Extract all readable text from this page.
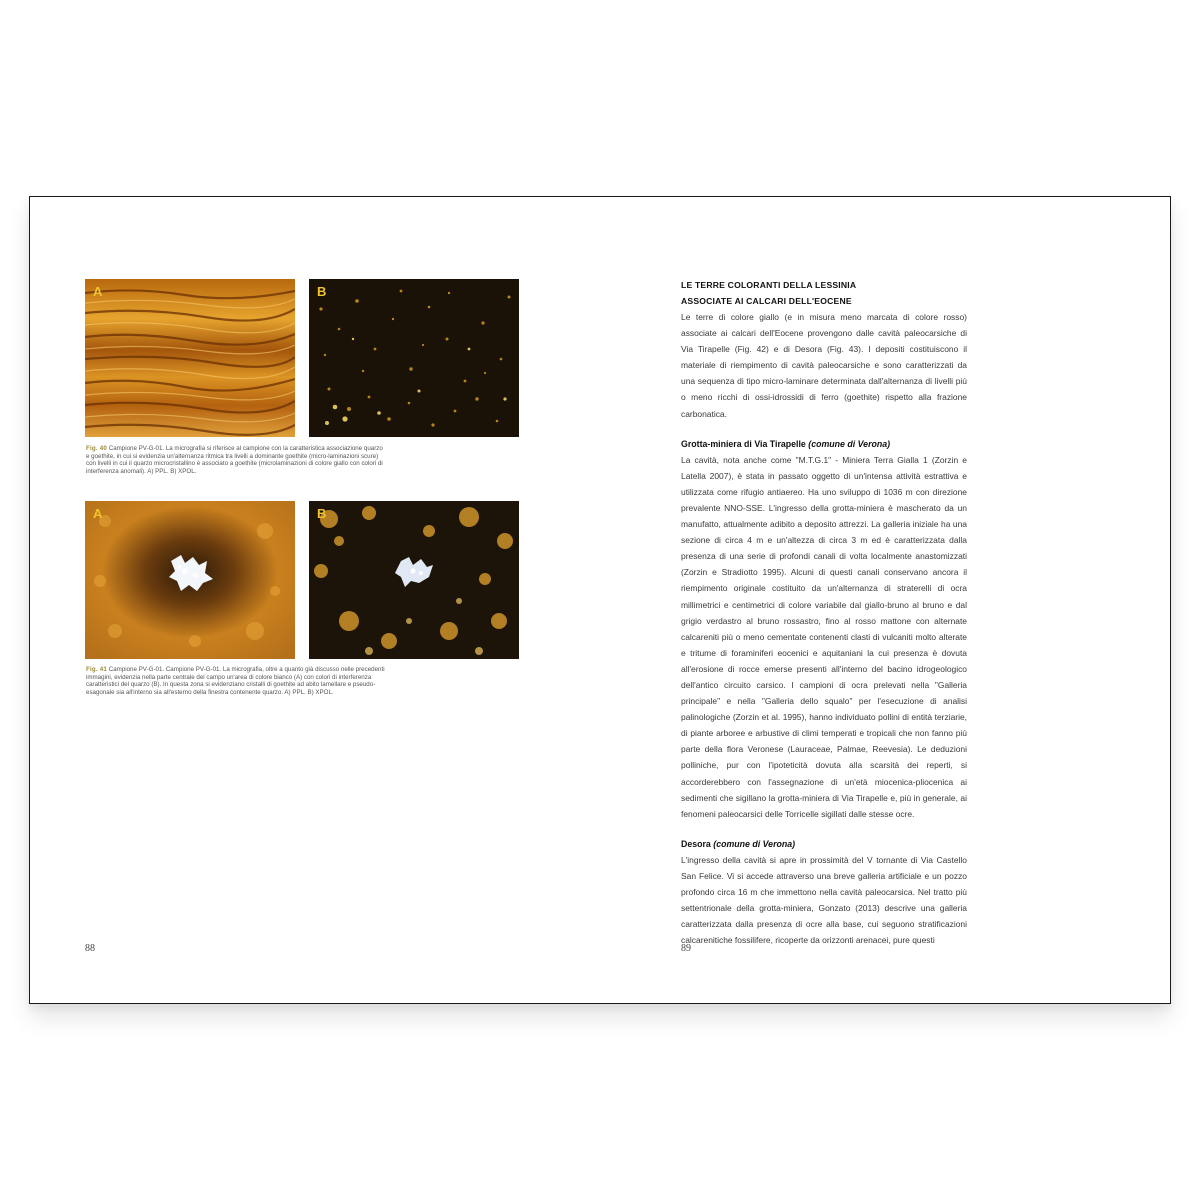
A	B
Fig. 40 Campione PV-G-01. La micrografia si riferisce al campione con la caratteristica associazione quarzo e goethite, in cui si evidenzia un'alternanza ritmica tra livelli a dominante goethite (micro-laminazioni scure) con livelli in cui il quarzo microcristallino è associato a goethite (microlaminazioni di colore giallo con colori di interferenza anomali). A) PPL. B) XPOL.
A	B
Fig. 41 Campione PV-G-01. Campione PV-G-01. La micrografia, oltre a quanto già discusso nelle precedenti immagini, evidenzia nella parte centrale del campo un'area di colore bianco (A) con colori di interferenza caratteristici del quarzo (B). In questa zona si evidenziano cristalli di goethite ad abito lamellare e pseudo-esagonale sia all'interno sia all'esterno della finestra contenente quarzo. A) PPL. B) XPOL.
88

LE TERRE COLORANTI DELLA LESSINIA

ASSOCIATE AI CALCARI DELL'EOCENE

Le terre di colore giallo (e in misura meno marcata di colore rosso) associate ai calcari dell'Eocene provengono dalle cavità paleocarsiche di Via Tirapelle (Fig. 42) e di Desora (Fig. 43). I depositi costituiscono il materiale di riempimento di cavità paleocarsiche e sono caratterizzati da una sequenza di tipo micro-laminare determinata dall'alternanza di livelli più o meno ricchi di ossi-idrossidi di ferro (goethite) rispetto alla frazione carbonatica.

Grotta-miniera di Via Tirapelle (comune di Verona)

La cavità, nota anche come "M.T.G.1" - Miniera Terra Gialla 1 (Zorzin e Latella 2007), è stata in passato oggetto di un'intensa attività estrattiva e utilizzata come rifugio antiaereo. Ha uno sviluppo di 1036 m con direzione prevalente NNO-SSE. L'ingresso della grotta-miniera è mascherato da un manufatto, attualmente adibito a deposito attrezzi. La galleria iniziale ha una sezione di circa 4 m e un'altezza di circa 3 m ed è caratterizzata dalla presenza di una serie di profondi canali di volta localmente anastomizzati (Zorzin e Stradiotto 1995). Alcuni di questi canali conservano ancora il riempimento originale costituito da un'alternanza di straterelli di ocra millimetrici e centimetrici di colore variabile dal giallo-bruno al bruno e dal grigio verdastro al bruno rossastro, fino al rosso mattone con alternate calcareniti più o meno cementate contenenti clasti di vulcaniti molto alterate e tritume di foraminiferi eocenici e aquitaniani la cui presenza è dovuta all'erosione di rocce emerse presenti all'interno del bacino idrogeologico dell'antico circuito carsico. I campioni di ocra prelevati nella "Galleria principale" e nella "Galleria dello squalo" per l'esecuzione di analisi palinologiche (Zorzin et al. 1995), hanno individuato pollini di entità terziarie, di piante arboree e arbustive di climi temperati e tropicali che non fanno più parte della flora Veronese (Lauraceae, Palmae, Reevesia). Le deduzioni polliniche, pur con l'ipoteticità dovuta alla scarsità dei reperti, si accorderebbero con l'assegnazione di un'età miocenica-pliocenica ai sedimenti che sigillano la grotta-miniera di Via Tirapelle e, più in generale, ai fenomeni paleocarsici delle Torricelle sigillati dalle stesse ocre.

Desora (comune di Verona)

L'ingresso della cavità si apre in prossimità del V tornante di Via Castello San Felice. Vi si accede attraverso una breve galleria artificiale e un pozzo profondo circa 16 m che immettono nella cavità paleocarsica. Nel tratto più settentrionale della grotta-miniera, Gonzato (2013) descrive una galleria caratterizzata dalla presenza di ocre alla base, cui seguono stratificazioni calcarenitiche fossilifere, ricoperte da orizzonti arenacei, pure questi

89
